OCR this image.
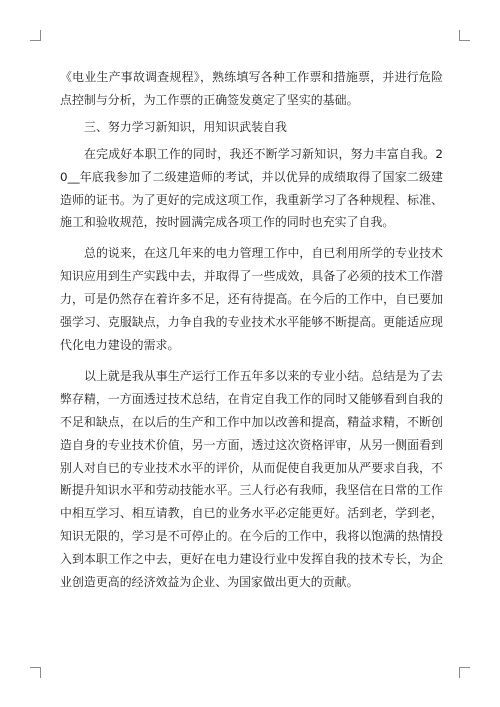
《电业生产事故调查规程》，熟练填写各种工作票和措施票，并进行危险点控制与分析，为工作票的正确签发奠定了坚实的基础。

三、努力学习新知识，用知识武装自我

在完成好本职工作的同时，我还不断学习新知识，努力丰富自我。20__年底我参加了二级建造师的考试，并以优异的成绩取得了国家二级建造师的证书。为了更好的完成这项工作，我重新学习了各种规程、标准、施工和验收规范，按时圆满完成各项工作的同时也充实了自我。

总的说来，在这几年来的电力管理工作中，自已利用所学的专业技术知识应用到生产实践中去，并取得了一些成效，具备了必须的技术工作潜力，可是仍然存在着许多不足，还有待提高。在今后的工作中，自已要加强学习、克服缺点，力争自我的专业技术水平能够不断提高。更能适应现代化电力建设的需求。

以上就是我从事生产运行工作五年多以来的专业小结。总结是为了去弊存精，一方面透过技术总结，在肯定自我工作的同时又能够看到自我的不足和缺点，在以后的生产和工作中加以改善和提高，精益求精，不断创造自身的专业技术价值，另一方面，透过这次资格评审，从另一侧面看到别人对自已的专业技术水平的评价，从而促使自我更加从严要求自我，不断提升知识水平和劳动技能水平。三人行必有我师，我坚信在日常的工作中相互学习、相互请教，自已的业务水平必定能更好。活到老，学到老，知识无限的，学习是不可停止的。在今后的工作中，我将以饱满的热情投入到本职工作之中去，更好在电力建设行业中发挥自我的技术专长，为企业创造更高的经济效益为企业、为国家做出更大的贡献。
